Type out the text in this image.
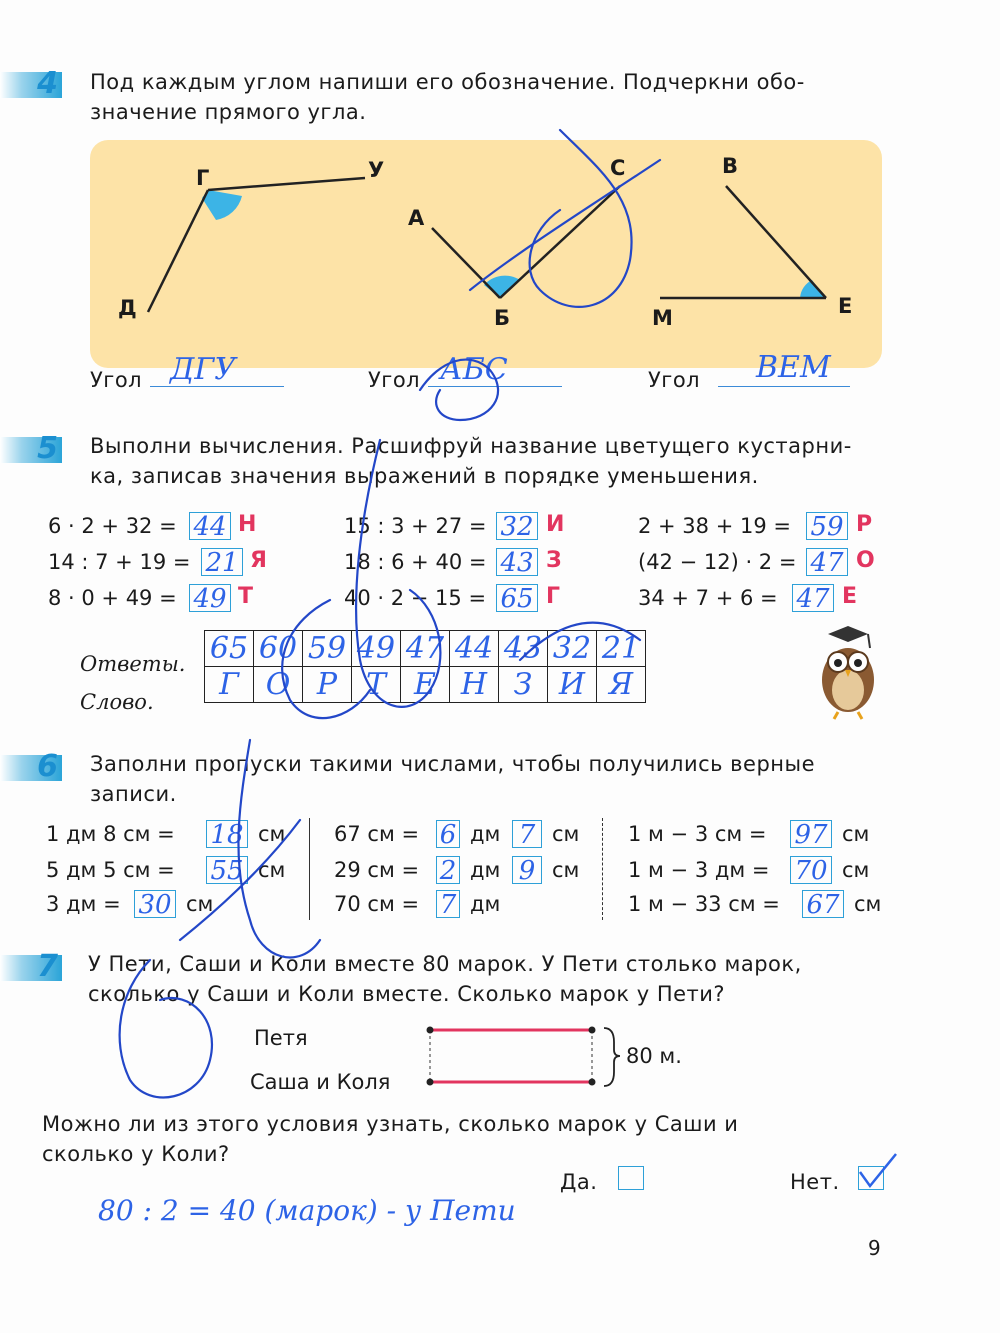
4 Под каждым углом напиши его обозначение. Подчеркни обо-
значение прямого угла.
Г	У
Д
А
Б
С	В
М	Е
Угол ДГУ	Угол АБС	Угол ВЕМ
5 Выполни вычисления. Расшифруй название цветущего кустарни-
ка, записав значения выражений в порядке уменьшения.
6 · 2 + 32 = 44 Н
14 : 7 + 19 = 21 Я
8 · 0 + 49 = 49 Т
15 : 3 + 27 = 32 И
18 : 6 + 40 = 43 З
40 · 2 − 15 = 65 Г
2 + 38 + 19 = 59 Р
(42 − 12) · 2 = 47 О
34 + 7 + 6 = 47 Е
Ответы.
Слово.
65	60	59	49	47	44	43	32	21
Г	О	Р	Т	Е	Н	З	И	Я
6 Заполни пропуски такими числами, чтобы получились верные
записи.
1 дм 8 см = 18 см
5 дм 5 см = 55 см
3 дм = 30 см
67 см = 6 дм 7 см
29 см = 2 дм 9 см
70 см = 7 дм
1 м − 3 см = 97 см
1 м − 3 дм = 70 см
1 м − 33 см = 67 см
7 У Пети, Саши и Коли вместе 80 марок. У Пети столько марок,
сколько у Саши и Коли вместе. Сколько марок у Пети?
Петя
Саша и Коля
80 м.
Можно ли из этого условия узнать, сколько марок у Саши и
сколько у Коли?
Да.	Нет.
80 : 2 = 40 (марок) - у Пети
9
